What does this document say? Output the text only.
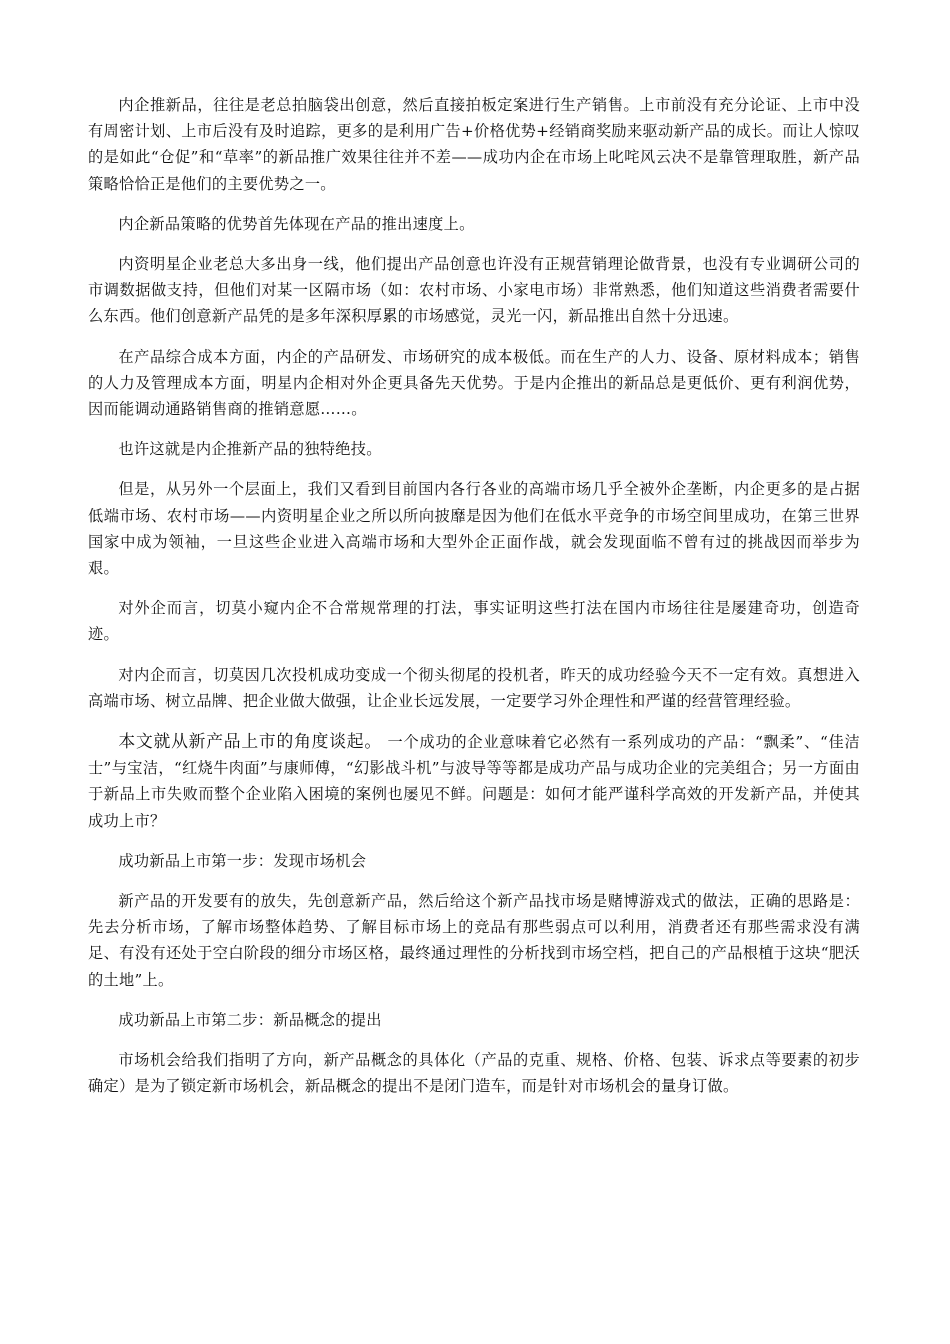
内企推新品，往往是老总拍脑袋出创意，然后直接拍板定案进行生产销售。上市前没有充分论证、上市中没有周密计划、上市后没有及时追踪，更多的是利用广告+价格优势+经销商奖励来驱动新产品的成长。而让人惊叹的是如此“仓促”和“草率”的新品推广效果往往并不差——成功内企在市场上叱咤风云决不是靠管理取胜，新产品策略恰恰正是他们的主要优势之一。

内企新品策略的优势首先体现在产品的推出速度上。

内资明星企业老总大多出身一线，他们提出产品创意也许没有正规营销理论做背景，也没有专业调研公司的市调数据做支持，但他们对某一区隔市场（如：农村市场、小家电市场）非常熟悉，他们知道这些消费者需要什么东西。他们创意新产品凭的是多年深积厚累的市场感觉，灵光一闪，新品推出自然十分迅速。

在产品综合成本方面，内企的产品研发、市场研究的成本极低。而在生产的人力、设备、原材料成本；销售的人力及管理成本方面，明星内企相对外企更具备先天优势。于是内企推出的新品总是更低价、更有利润优势，因而能调动通路销售商的推销意愿……。

也许这就是内企推新产品的独特绝技。

但是，从另外一个层面上，我们又看到目前国内各行各业的高端市场几乎全被外企垄断，内企更多的是占据低端市场、农村市场——内资明星企业之所以所向披靡是因为他们在低水平竞争的市场空间里成功，在第三世界国家中成为领袖，一旦这些企业进入高端市场和大型外企正面作战，就会发现面临不曾有过的挑战因而举步为艰。

对外企而言，切莫小窥内企不合常规常理的打法，事实证明这些打法在国内市场往往是屡建奇功，创造奇迹。

对内企而言，切莫因几次投机成功变成一个彻头彻尾的投机者，昨天的成功经验今天不一定有效。真想进入高端市场、树立品牌、把企业做大做强，让企业长远发展，一定要学习外企理性和严谨的经营管理经验。

本文就从新产品上市的角度谈起。 一个成功的企业意味着它必然有一系列成功的产品：“飘柔”、“佳洁士”与宝洁，“红烧牛肉面”与康师傅，“幻影战斗机”与波导等等都是成功产品与成功企业的完美组合；另一方面由于新品上市失败而整个企业陷入困境的案例也屡见不鲜。问题是：如何才能严谨科学高效的开发新产品，并使其成功上市？

成功新品上市第一步：发现市场机会

新产品的开发要有的放失，先创意新产品，然后给这个新产品找市场是赌博游戏式的做法，正确的思路是：先去分析市场，了解市场整体趋势、了解目标市场上的竞品有那些弱点可以利用，消费者还有那些需求没有满足、有没有还处于空白阶段的细分市场区格，最终通过理性的分析找到市场空档，把自己的产品根植于这块“肥沃的土地”上。

成功新品上市第二步：新品概念的提出

市场机会给我们指明了方向，新产品概念的具体化（产品的克重、规格、价格、包装、诉求点等要素的初步确定）是为了锁定新市场机会，新品概念的提出不是闭门造车，而是针对市场机会的量身订做。
